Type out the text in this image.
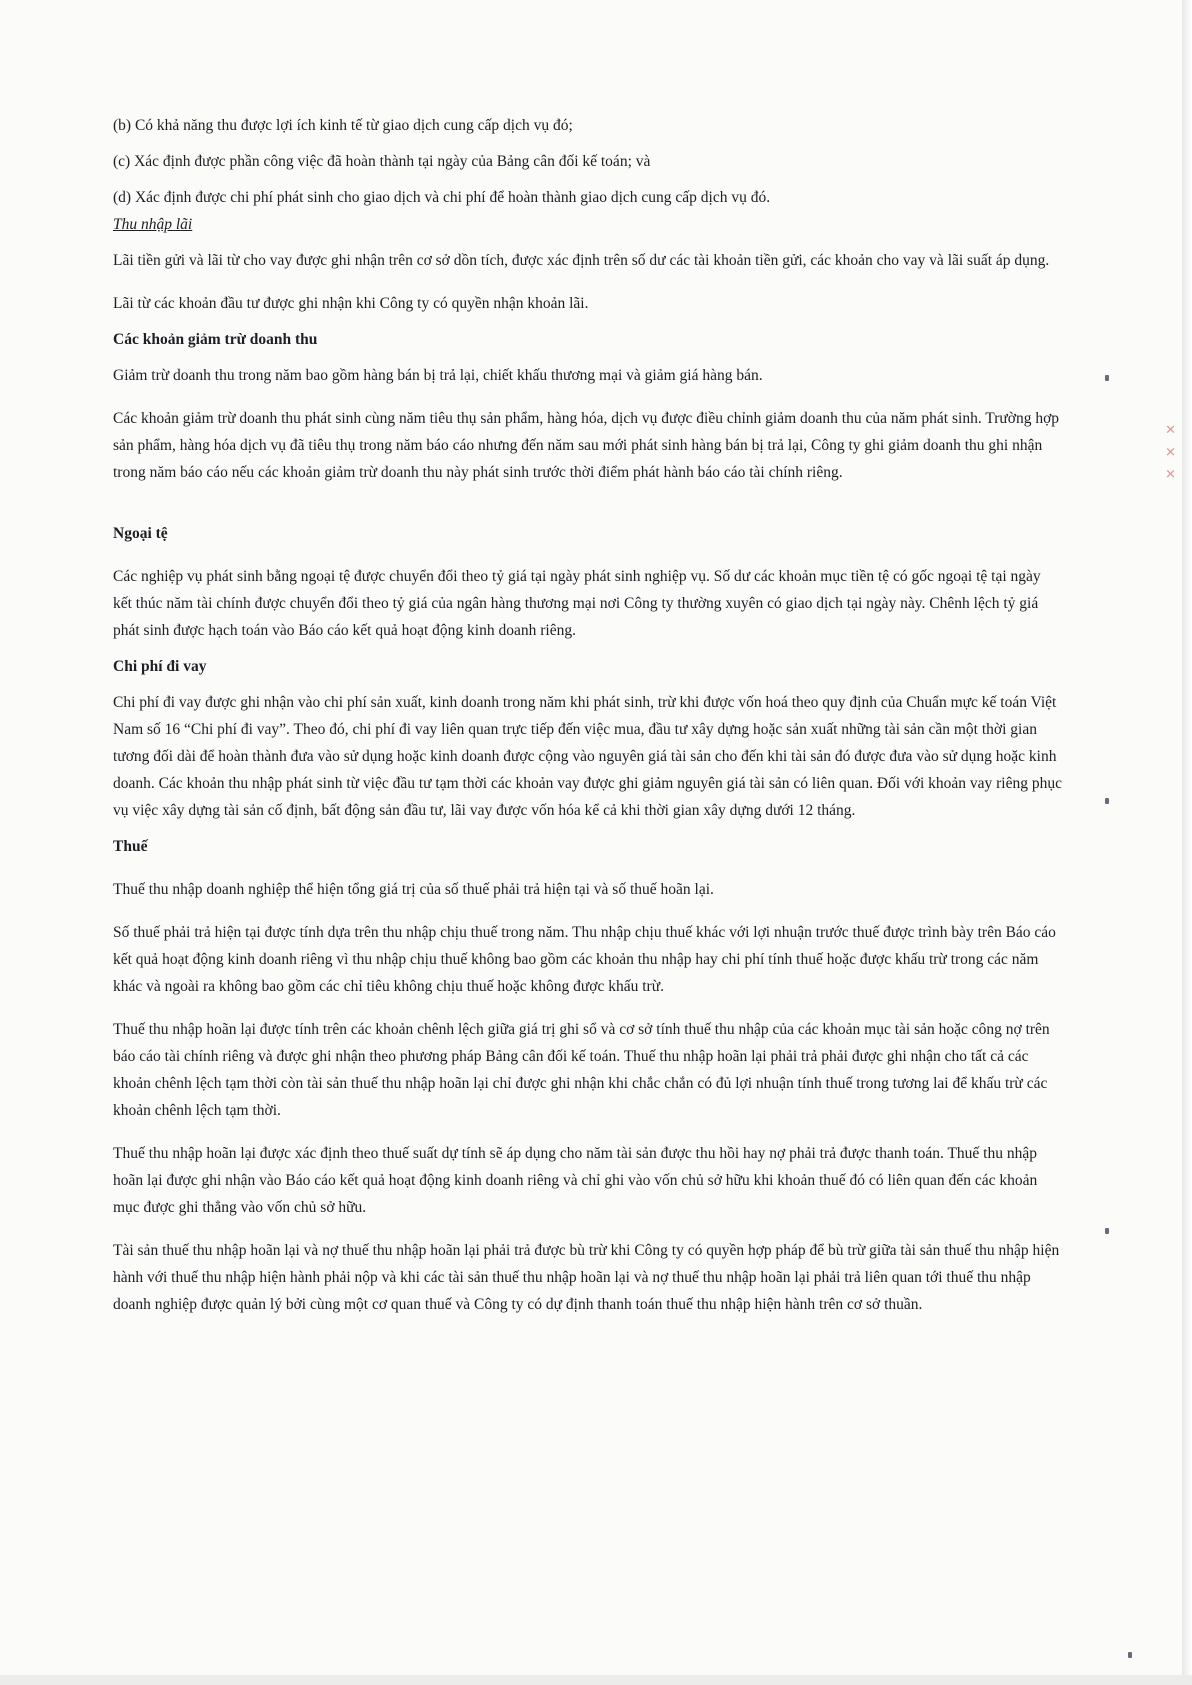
✕ ✕ ✕

(b) Có khả năng thu được lợi ích kinh tế từ giao dịch cung cấp dịch vụ đó;

(c) Xác định được phần công việc đã hoàn thành tại ngày của Bảng cân đối kế toán; và

(d) Xác định được chi phí phát sinh cho giao dịch và chi phí để hoàn thành giao dịch cung cấp dịch vụ đó.

Thu nhập lãi

Lãi tiền gửi và lãi từ cho vay được ghi nhận trên cơ sở dồn tích, được xác định trên số dư các tài khoản tiền gửi, các khoản cho vay và lãi suất áp dụng.

Lãi từ các khoản đầu tư được ghi nhận khi Công ty có quyền nhận khoản lãi.

Các khoản giảm trừ doanh thu

Giảm trừ doanh thu trong năm bao gồm hàng bán bị trả lại, chiết khấu thương mại và giảm giá hàng bán.

Các khoản giảm trừ doanh thu phát sinh cùng năm tiêu thụ sản phẩm, hàng hóa, dịch vụ được điều chỉnh giảm doanh thu của năm phát sinh. Trường hợp sản phẩm, hàng hóa dịch vụ đã tiêu thụ trong năm báo cáo nhưng đến năm sau mới phát sinh hàng bán bị trả lại, Công ty ghi giảm doanh thu ghi nhận trong năm báo cáo nếu các khoản giảm trừ doanh thu này phát sinh trước thời điểm phát hành báo cáo tài chính riêng.

Ngoại tệ

Các nghiệp vụ phát sinh bằng ngoại tệ được chuyển đổi theo tỷ giá tại ngày phát sinh nghiệp vụ. Số dư các khoản mục tiền tệ có gốc ngoại tệ tại ngày kết thúc năm tài chính được chuyển đổi theo tỷ giá của ngân hàng thương mại nơi Công ty thường xuyên có giao dịch tại ngày này. Chênh lệch tỷ giá phát sinh được hạch toán vào Báo cáo kết quả hoạt động kinh doanh riêng.

Chi phí đi vay

Chi phí đi vay được ghi nhận vào chi phí sản xuất, kinh doanh trong năm khi phát sinh, trừ khi được vốn hoá theo quy định của Chuẩn mực kế toán Việt Nam số 16 “Chi phí đi vay”. Theo đó, chi phí đi vay liên quan trực tiếp đến việc mua, đầu tư xây dựng hoặc sản xuất những tài sản cần một thời gian tương đối dài để hoàn thành đưa vào sử dụng hoặc kinh doanh được cộng vào nguyên giá tài sản cho đến khi tài sản đó được đưa vào sử dụng hoặc kinh doanh. Các khoản thu nhập phát sinh từ việc đầu tư tạm thời các khoản vay được ghi giảm nguyên giá tài sản có liên quan. Đối với khoản vay riêng phục vụ việc xây dựng tài sản cố định, bất động sản đầu tư, lãi vay được vốn hóa kể cả khi thời gian xây dựng dưới 12 tháng.

Thuế

Thuế thu nhập doanh nghiệp thể hiện tổng giá trị của số thuế phải trả hiện tại và số thuế hoãn lại.

Số thuế phải trả hiện tại được tính dựa trên thu nhập chịu thuế trong năm. Thu nhập chịu thuế khác với lợi nhuận trước thuế được trình bày trên Báo cáo kết quả hoạt động kinh doanh riêng vì thu nhập chịu thuế không bao gồm các khoản thu nhập hay chi phí tính thuế hoặc được khấu trừ trong các năm khác và ngoài ra không bao gồm các chỉ tiêu không chịu thuế hoặc không được khấu trừ.

Thuế thu nhập hoãn lại được tính trên các khoản chênh lệch giữa giá trị ghi sổ và cơ sở tính thuế thu nhập của các khoản mục tài sản hoặc công nợ trên báo cáo tài chính riêng và được ghi nhận theo phương pháp Bảng cân đối kế toán. Thuế thu nhập hoãn lại phải trả phải được ghi nhận cho tất cả các khoản chênh lệch tạm thời còn tài sản thuế thu nhập hoãn lại chỉ được ghi nhận khi chắc chắn có đủ lợi nhuận tính thuế trong tương lai để khấu trừ các khoản chênh lệch tạm thời.

Thuế thu nhập hoãn lại được xác định theo thuế suất dự tính sẽ áp dụng cho năm tài sản được thu hồi hay nợ phải trả được thanh toán. Thuế thu nhập hoãn lại được ghi nhận vào Báo cáo kết quả hoạt động kinh doanh riêng và chỉ ghi vào vốn chủ sở hữu khi khoản thuế đó có liên quan đến các khoản mục được ghi thẳng vào vốn chủ sở hữu.

Tài sản thuế thu nhập hoãn lại và nợ thuế thu nhập hoãn lại phải trả được bù trừ khi Công ty có quyền hợp pháp để bù trừ giữa tài sản thuế thu nhập hiện hành với thuế thu nhập hiện hành phải nộp và khi các tài sản thuế thu nhập hoãn lại và nợ thuế thu nhập hoãn lại phải trả liên quan tới thuế thu nhập doanh nghiệp được quản lý bởi cùng một cơ quan thuế và Công ty có dự định thanh toán thuế thu nhập hiện hành trên cơ sở thuần.
